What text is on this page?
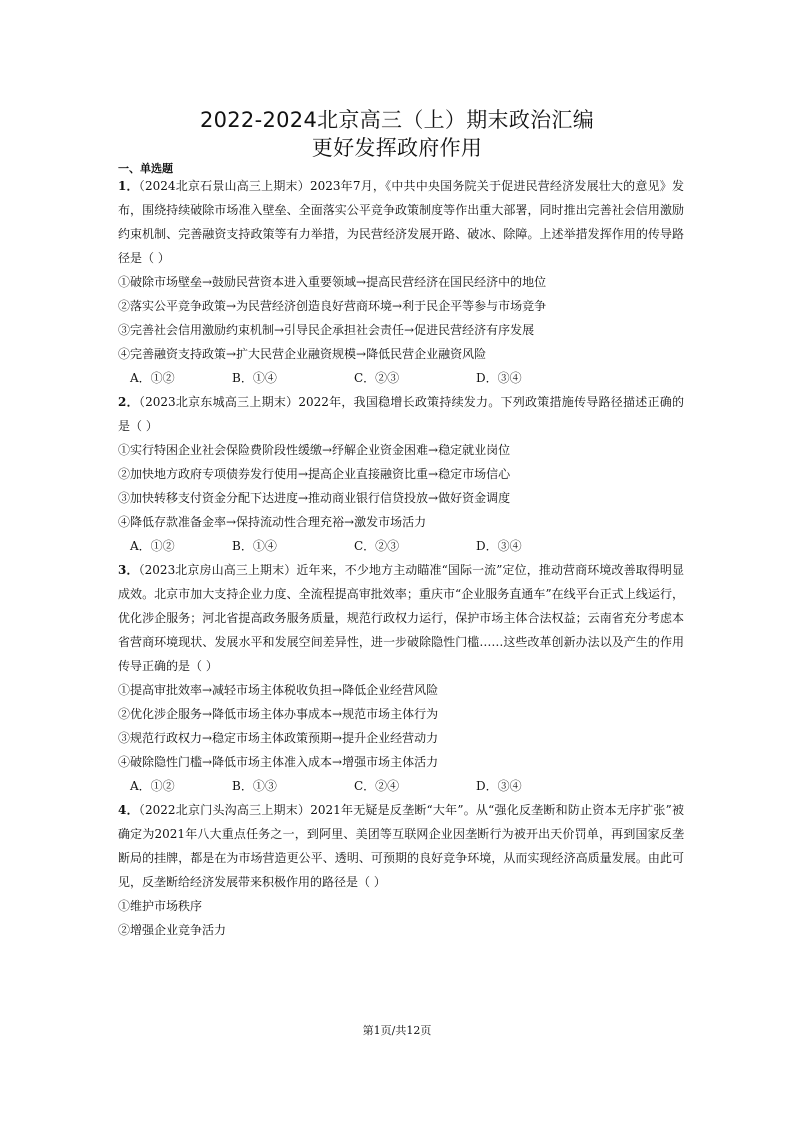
2022-2024北京高三（上）期末政治汇编
更好发挥政府作用
一、单选题
1．（2024北京石景山高三上期末）2023年7月，《中共中央国务院关于促进民营经济发展壮大的意见》发布，围绕持续破除市场准入壁垒、全面落实公平竞争政策制度等作出重大部署，同时推出完善社会信用激励约束机制、完善融资支持政策等有力举措，为民营经济发展开路、破冰、除障。上述举措发挥作用的传导路径是（ ）
①破除市场壁垒→鼓励民营资本进入重要领域→提高民营经济在国民经济中的地位
②落实公平竞争政策→为民营经济创造良好营商环境→利于民企平等参与市场竞争
③完善社会信用激励约束机制→引导民企承担社会责任→促进民营经济有序发展
④完善融资支持政策→扩大民营企业融资规模→降低民营企业融资风险
A．①②	B．①④	C．②③	D．③④
2．（2023北京东城高三上期末）2022年，我国稳增长政策持续发力。下列政策措施传导路径描述正确的是（ ）
①实行特困企业社会保险费阶段性缓缴→纾解企业资金困难→稳定就业岗位
②加快地方政府专项债券发行使用→提高企业直接融资比重→稳定市场信心
③加快转移支付资金分配下达进度→推动商业银行信贷投放→做好资金调度
④降低存款准备金率→保持流动性合理充裕→激发市场活力
A．①②	B．①④	C．②③	D．③④
3．（2023北京房山高三上期末）近年来，不少地方主动瞄准“国际一流”定位，推动营商环境改善取得明显成效。北京市加大支持企业力度、全流程提高审批效率；重庆市“企业服务直通车”在线平台正式上线运行，优化涉企服务；河北省提高政务服务质量，规范行政权力运行，保护市场主体合法权益；云南省充分考虑本省营商环境现状、发展水平和发展空间差异性，进一步破除隐性门槛……这些改革创新办法以及产生的作用传导正确的是（ ）
①提高审批效率→减轻市场主体税收负担→降低企业经营风险
②优化涉企服务→降低市场主体办事成本→规范市场主体行为
③规范行政权力→稳定市场主体政策预期→提升企业经营动力
④破除隐性门槛→降低市场主体准入成本→增强市场主体活力
A．①②	B．①③	C．②④	D．③④
4．（2022北京门头沟高三上期末）2021年无疑是反垄断“大年”。从“强化反垄断和防止资本无序扩张”被确定为2021年八大重点任务之一，到阿里、美团等互联网企业因垄断行为被开出天价罚单，再到国家反垄断局的挂牌，都是在为市场营造更公平、透明、可预期的良好竞争环境，从而实现经济高质量发展。由此可见，反垄断给经济发展带来积极作用的路径是（ ）
①维护市场秩序
②增强企业竞争活力
第1页/共12页
